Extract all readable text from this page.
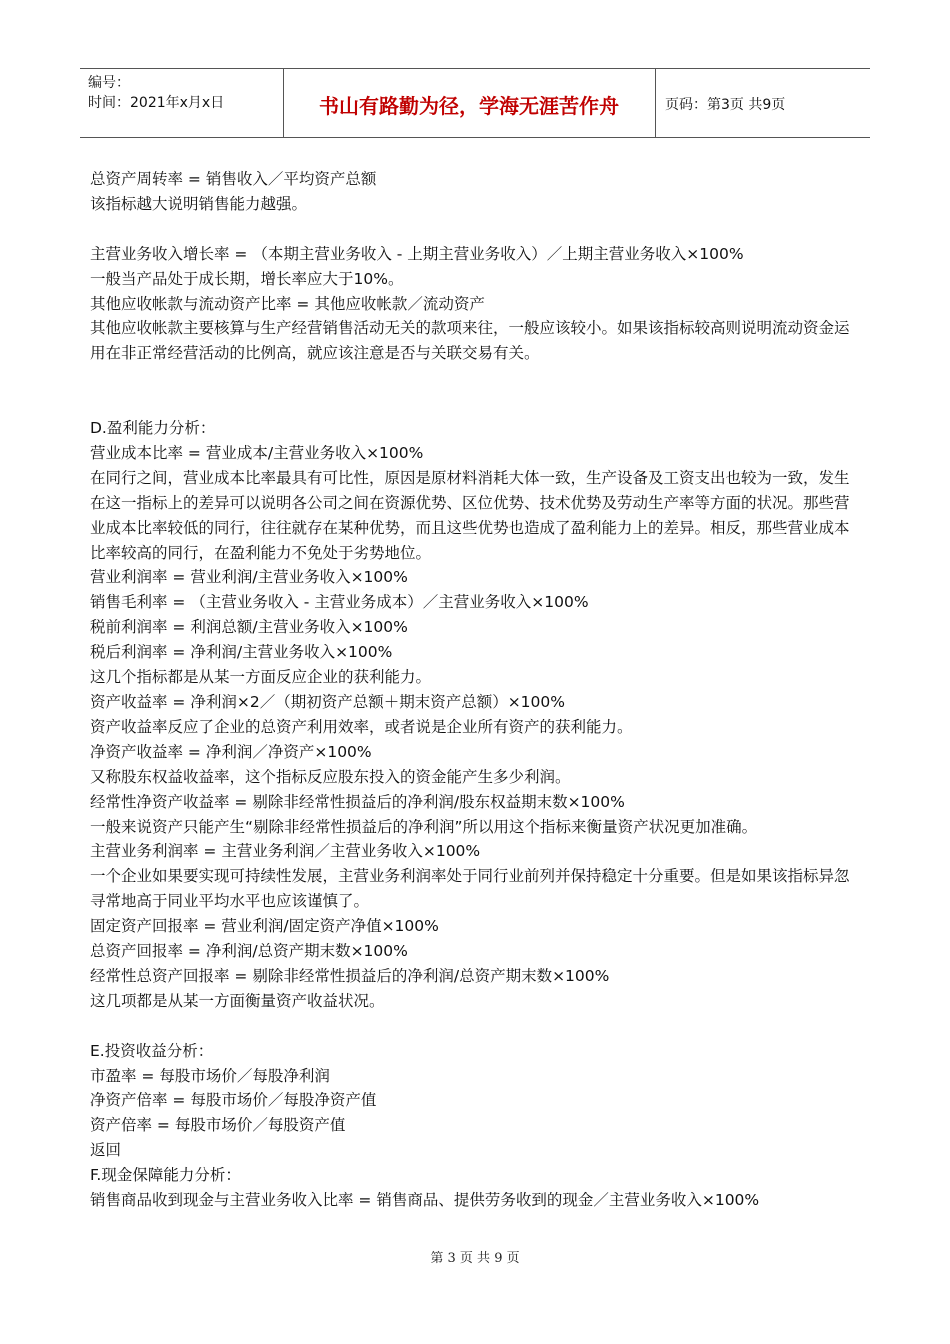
编号：
时间：2021年x月x日	书山有路勤为径，学海无涯苦作舟	页码：第3页 共9页
总资产周转率 = 销售收入／平均资产总额
该指标越大说明销售能力越强。
主营业务收入增长率 = （本期主营业务收入 - 上期主营业务收入）／上期主营业务收入×100%
一般当产品处于成长期，增长率应大于10%。
其他应收帐款与流动资产比率 = 其他应收帐款／流动资产
其他应收帐款主要核算与生产经营销售活动无关的款项来往，一般应该较小。如果该指标较高则说明流动资金运用在非正常经营活动的比例高，就应该注意是否与关联交易有关。
D.盈利能力分析：
营业成本比率 = 营业成本/主营业务收入×100%
在同行之间，营业成本比率最具有可比性，原因是原材料消耗大体一致，生产设备及工资支出也较为一致，发生在这一指标上的差异可以说明各公司之间在资源优势、区位优势、技术优势及劳动生产率等方面的状况。那些营业成本比率较低的同行，往往就存在某种优势，而且这些优势也造成了盈利能力上的差异。相反，那些营业成本比率较高的同行，在盈利能力不免处于劣势地位。
营业利润率 = 营业利润/主营业务收入×100%
销售毛利率 = （主营业务收入 - 主营业务成本）／主营业务收入×100%
税前利润率 = 利润总额/主营业务收入×100%
税后利润率 = 净利润/主营业务收入×100%
这几个指标都是从某一方面反应企业的获利能力。
资产收益率 = 净利润×2／（期初资产总额＋期末资产总额）×100%
资产收益率反应了企业的总资产利用效率，或者说是企业所有资产的获利能力。
净资产收益率 = 净利润／净资产×100%
又称股东权益收益率，这个指标反应股东投入的资金能产生多少利润。
经常性净资产收益率 = 剔除非经常性损益后的净利润/股东权益期末数×100%
一般来说资产只能产生“剔除非经常性损益后的净利润”所以用这个指标来衡量资产状况更加准确。
主营业务利润率 = 主营业务利润／主营业务收入×100%
一个企业如果要实现可持续性发展，主营业务利润率处于同行业前列并保持稳定十分重要。但是如果该指标异忽寻常地高于同业平均水平也应该谨慎了。
固定资产回报率 = 营业利润/固定资产净值×100%
总资产回报率 = 净利润/总资产期末数×100%
经常性总资产回报率 = 剔除非经常性损益后的净利润/总资产期末数×100%
这几项都是从某一方面衡量资产收益状况。
E.投资收益分析：
市盈率 = 每股市场价／每股净利润
净资产倍率 = 每股市场价／每股净资产值
资产倍率 = 每股市场价／每股资产值
返回
F.现金保障能力分析：
销售商品收到现金与主营业务收入比率 = 销售商品、提供劳务收到的现金／主营业务收入×100%
第 3 页 共 9 页
